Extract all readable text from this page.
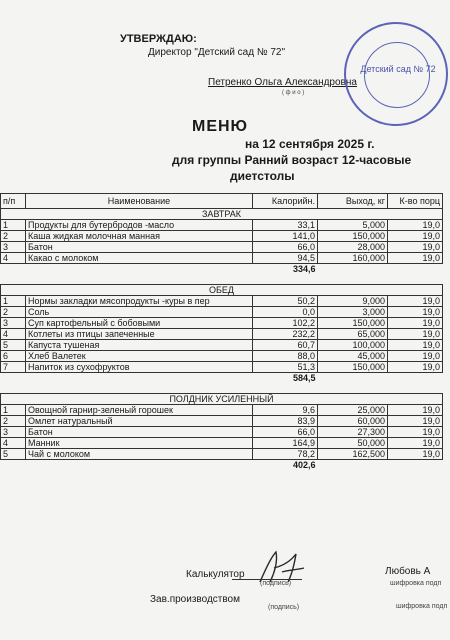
УТВЕРЖДАЮ:
Директор "Детский сад № 72"
Петренко Ольга Александровна
( ф и о )
Детский сад № 72
МЕНЮ
на 12 сентября 2025 г.
для группы Ранний возраст 12-часовые
диетстолы
п/п	Наименование	Калорийн.	Выход, кг	К-во порц
ЗАВТРАК				
1	Продукты для бутербродов -масло	33,1	5,000	19,0
2	Каша жидкая молочная манная	141,0	150,000	19,0
3	Батон	66,0	28,000	19,0
4	Какао с молоком	94,5	160,000	19,0
334,6				

ОБЕД				
1	Нормы закладки мясопродукты -куры в пер	50,2	9,000	19,0
2	Соль	0,0	3,000	19,0
3	Суп картофельный с бобовыми	102,2	150,000	19,0
4	Котлеты из птицы запеченные	232,2	65,000	19,0
5	Капуста тушеная	60,7	100,000	19,0
6	Хлеб Валетек	88,0	45,000	19,0
7	Напиток из сухофруктов	51,3	150,000	19,0
584,5				

ПОЛДНИК УСИЛЕННЫЙ				
1	Овощной гарнир-зеленый горошек	9,6	25,000	19,0
2	Омлет натуральный	83,9	60,000	19,0
3	Батон	66,0	27,300	19,0
4	Манник	164,9	50,000	19,0
5	Чай с молоком	78,2	162,500	19,0
402,6				
Калькулятор
(подпись)
Любовь А
шифровка подп
Зав.производством
(подпись)	шифровка подп
